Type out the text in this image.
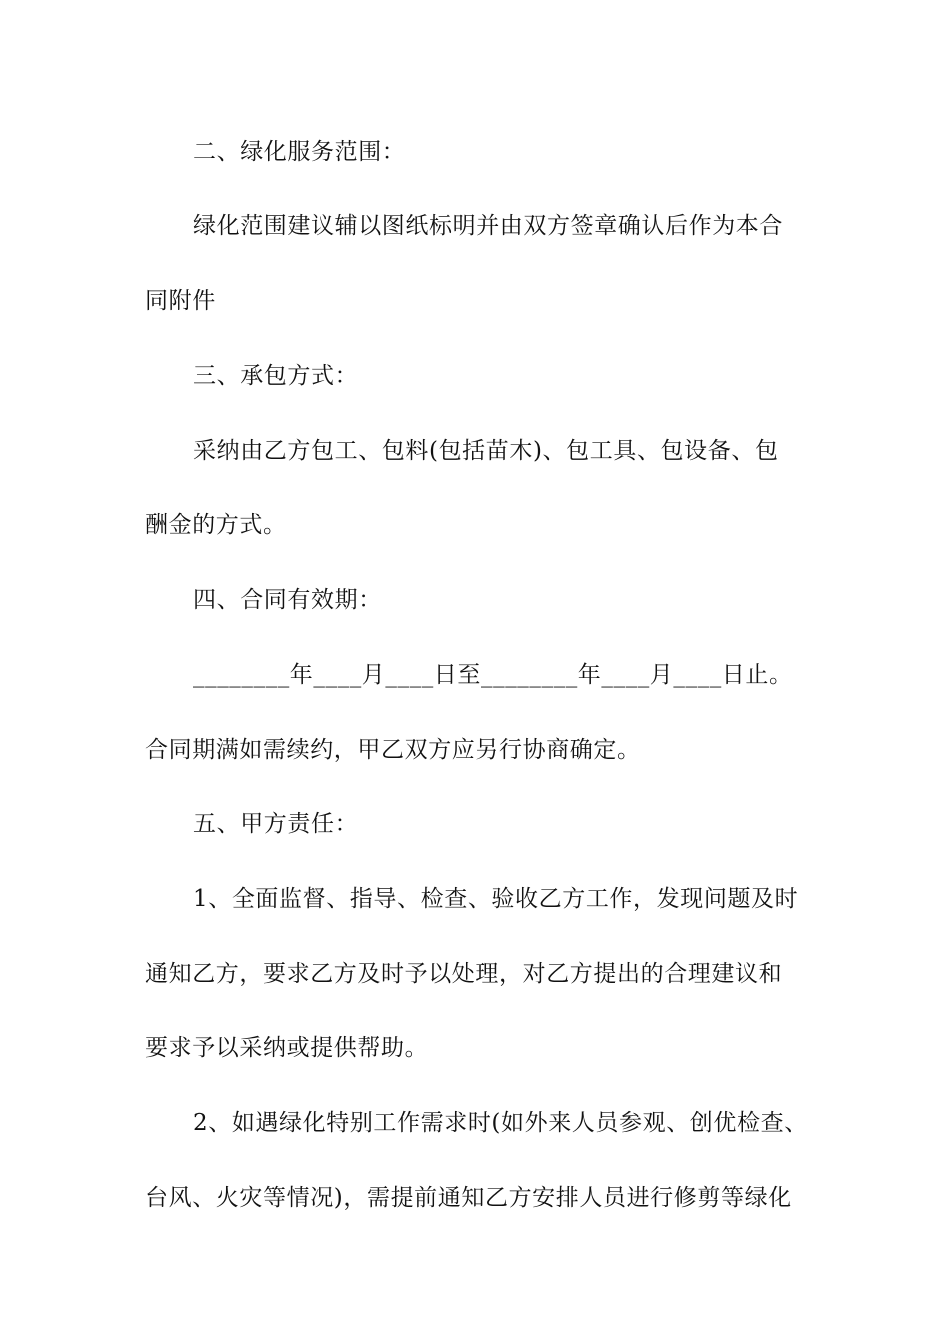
二、绿化服务范围：
绿化范围建议辅以图纸标明并由双方签章确认后作为本合
同附件
三、承包方式：
采纳由乙方包工、包料(包括苗木)、包工具、包设备、包
酬金的方式。
四、合同有效期：
________年____月____日至________年____月____日止。
合同期满如需续约，甲乙双方应另行协商确定。
五、甲方责任：
1、全面监督、指导、检查、验收乙方工作，发现问题及时
通知乙方，要求乙方及时予以处理，对乙方提出的合理建议和
要求予以采纳或提供帮助。
2、如遇绿化特别工作需求时(如外来人员参观、创优检查、
台风、火灾等情况)，需提前通知乙方安排人员进行修剪等绿化
